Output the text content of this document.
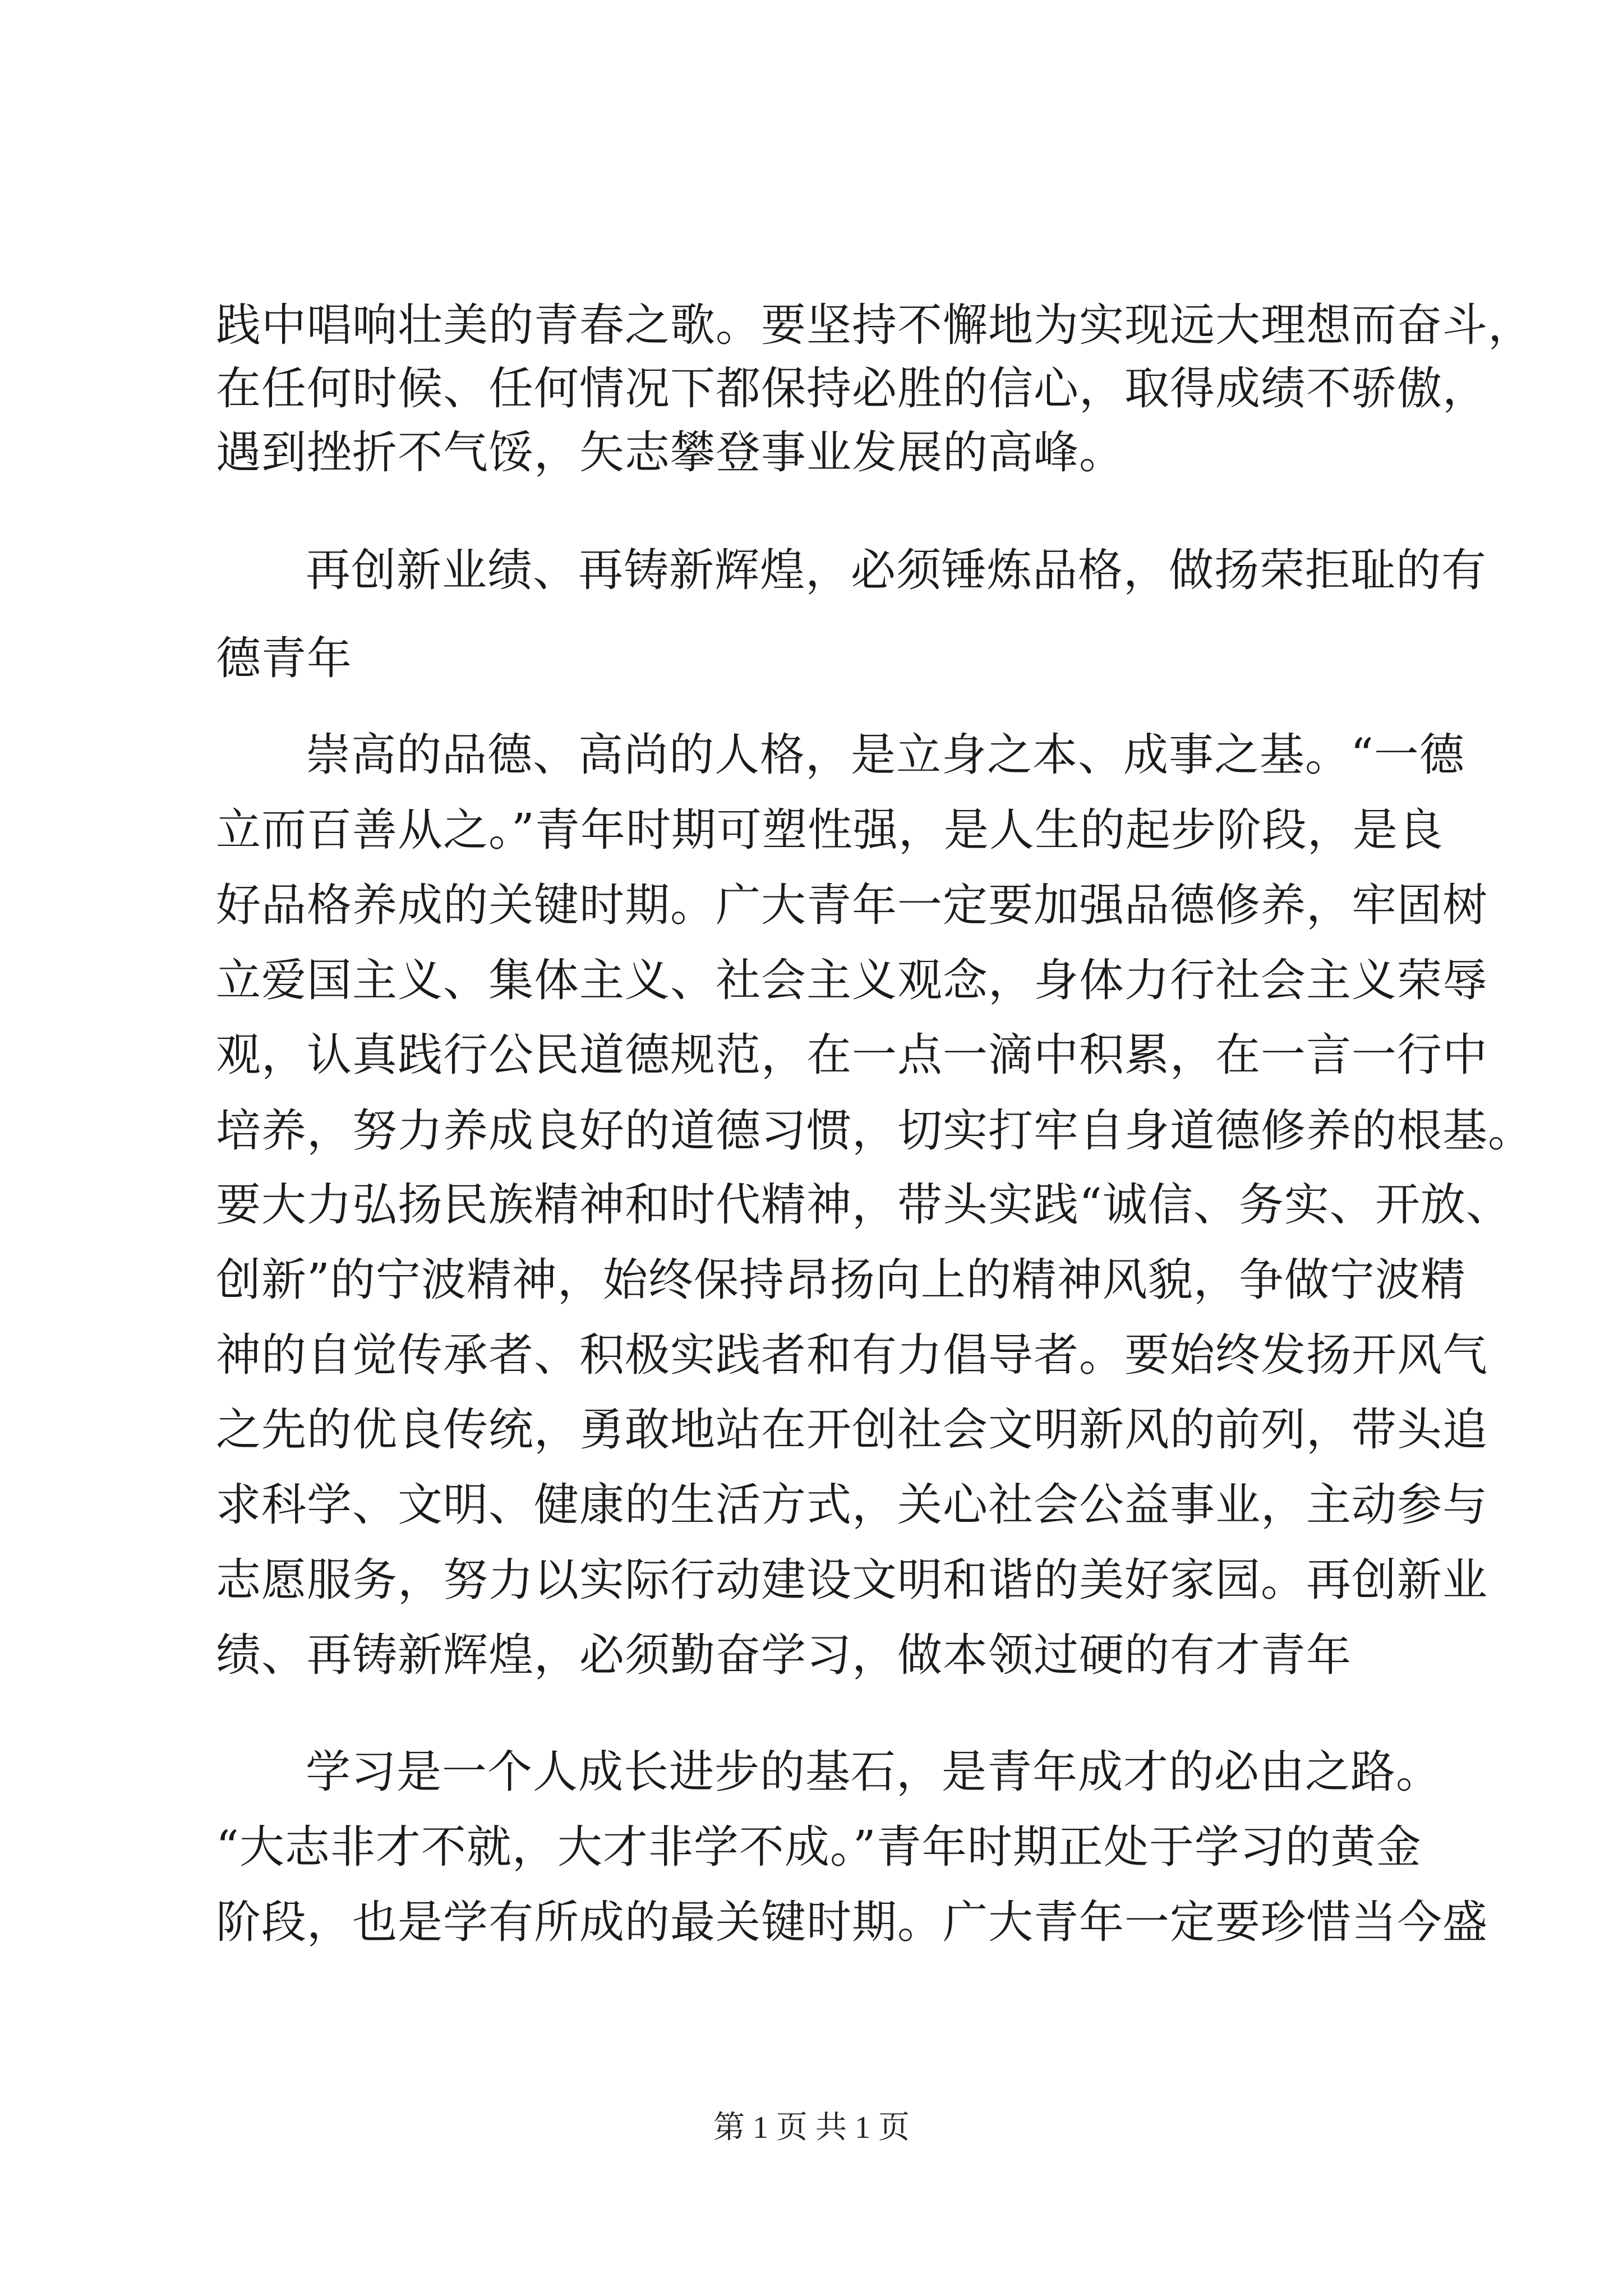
践中唱响壮美的青春之歌。要坚持不懈地为实现远大理想而奋斗，
在任何时候、任何情况下都保持必胜的信心，取得成绩不骄傲，
遇到挫折不气馁，矢志攀登事业发展的高峰。
再创新业绩、再铸新辉煌，必须锤炼品格，做扬荣拒耻的有
德青年
崇高的品德、高尚的人格，是立身之本、成事之基。“一德
立而百善从之。”青年时期可塑性强，是人生的起步阶段，是良
好品格养成的关键时期。广大青年一定要加强品德修养，牢固树
立爱国主义、集体主义、社会主义观念，身体力行社会主义荣辱
观，认真践行公民道德规范，在一点一滴中积累，在一言一行中
培养，努力养成良好的道德习惯，切实打牢自身道德修养的根基。
要大力弘扬民族精神和时代精神，带头实践“诚信、务实、开放、
创新”的宁波精神，始终保持昂扬向上的精神风貌，争做宁波精
神的自觉传承者、积极实践者和有力倡导者。要始终发扬开风气
之先的优良传统，勇敢地站在开创社会文明新风的前列，带头追
求科学、文明、健康的生活方式，关心社会公益事业，主动参与
志愿服务，努力以实际行动建设文明和谐的美好家园。再创新业
绩、再铸新辉煌，必须勤奋学习，做本领过硬的有才青年
学习是一个人成长进步的基石，是青年成才的必由之路。
“大志非才不就，大才非学不成。”青年时期正处于学习的黄金
阶段，也是学有所成的最关键时期。广大青年一定要珍惜当今盛
第 1 页 共 1 页
